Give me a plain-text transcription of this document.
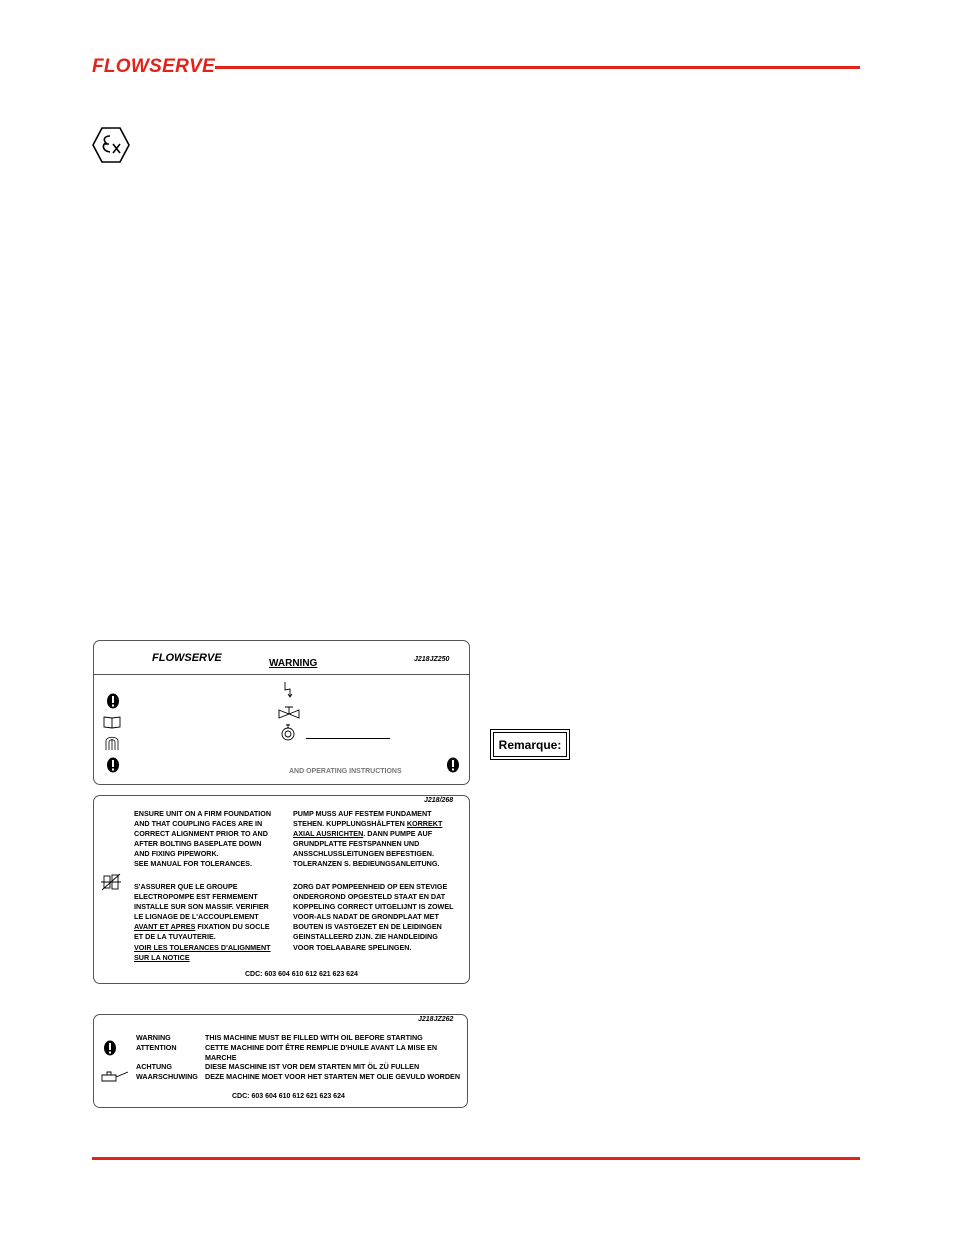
FLOWSERVE
FLOWSERVE	WARNING	J218JZ250
AND OPERATING INSTRUCTIONS
J218/268
ENSURE UNIT ON A FIRM FOUNDATION
AND THAT COUPLING FACES ARE IN
CORRECT ALIGNMENT PRIOR TO AND
AFTER BOLTING BASEPLATE DOWN
AND FIXING PIPEWORK.
SEE MANUAL FOR TOLERANCES.
S'ASSURER QUE LE GROUPE
ELECTROPOMPE EST FERMEMENT
INSTALLE SUR SON MASSIF. VERIFIER
LE LIGNAGE DE L'ACCOUPLEMENT
AVANT ET APRES FIXATION DU SOCLE
ET DE LA TUYAUTERIE.
VOIR LES TOLERANCES D'ALIGNMENT
SUR LA NOTICE
PUMP MUSS AUF FESTEM FUNDAMENT
STEHEN. KUPPLUNGSHÄLFTEN KORREKT
AXIAL AUSRICHTEN. DANN PUMPE AUF
GRUNDPLATTE FESTSPANNEN UND
ANSSCHLUSSLEITUNGEN BEFESTIGEN.
TOLERANZEN S. BEDIEUNGSANLEITUNG.
ZORG DAT POMPEENHEID OP EEN STEVIGE
ONDERGROND OPGESTELD STAAT EN DAT
KOPPELING CORRECT UITGELIJNT IS ZOWEL
VOOR-ALS NADAT DE GRONDPLAAT MET
BOUTEN IS VASTGEZET EN DE LEIDINGEN
GEINSTALLEERD ZIJN. ZIE HANDLEIDING
VOOR TOELAABARE SPELINGEN.
CDC: 603 604 610 612 621 623 624
J218JZ262
WARNING
ATTENTION
ACHTUNG
WAARSCHUWING
THIS MACHINE MUST BE FILLED WITH OIL BEFORE STARTING
CETTE MACHINE DOIT ÊTRE REMPLIE D'HUILE AVANT LA MISE EN
MARCHE
DIESE MASCHINE IST VOR DEM STARTEN MIT ÖL ZÜ FULLEN
DEZE MACHINE MOET VOOR HET STARTEN MET OLIE GEVULD WORDEN
CDC: 603 604 610 612 621 623 624
Remarque:
